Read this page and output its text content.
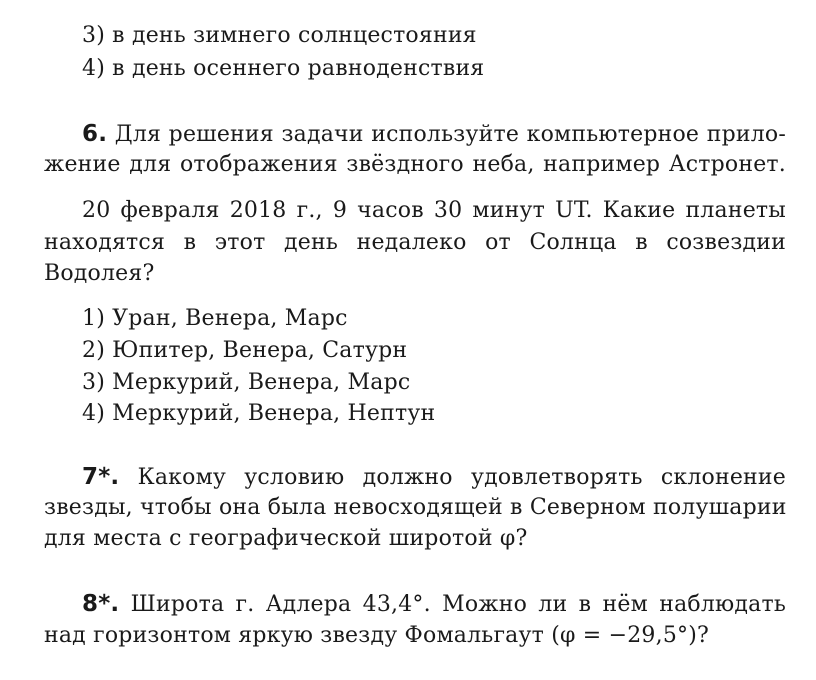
3) в день зимнего солнцестояния
4) в день осеннего равноденствия
6. Для решения задачи используйте компьютерное прило-
жение для отображения звёздного неба, например Астронет.
20 февраля 2018 г., 9 часов 30 минут UT. Какие планеты
находятся в этот день недалеко от Солнца в созвездии
Водолея?
1) Уран, Венера, Марс
2) Юпитер, Венера, Сатурн
3) Меркурий, Венера, Марс
4) Меркурий, Венера, Нептун
7*. Какому условию должно удовлетворять склонение
звезды, чтобы она была невосходящей в Северном полушарии
для места с географической широтой φ?
8*. Широта г. Адлера 43,4°. Можно ли в нём наблюдать
над горизонтом яркую звезду Фомальгаут (φ = −29,5°)?
